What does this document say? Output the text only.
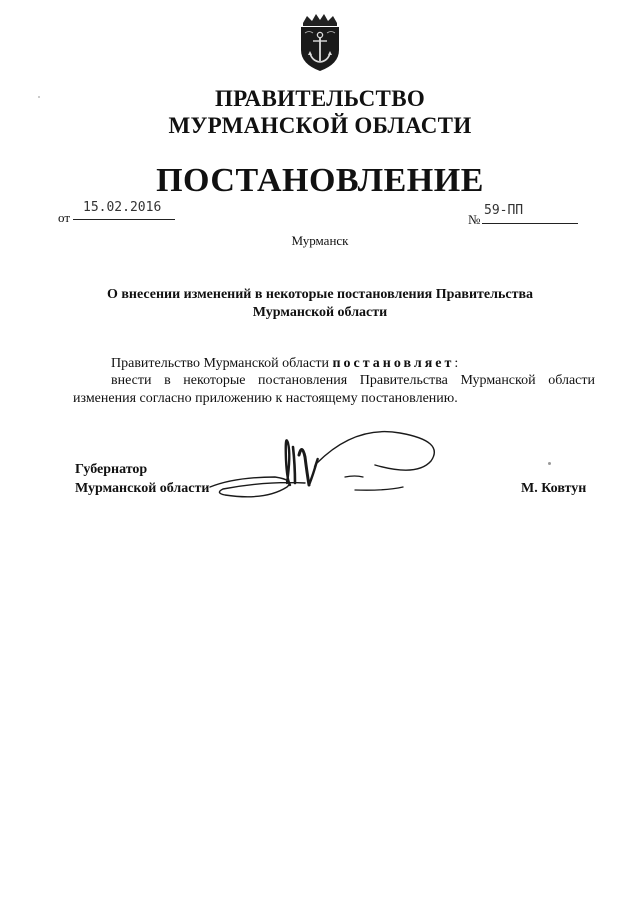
ПРАВИТЕЛЬСТВО
МУРМАНСКОЙ ОБЛАСТИ
ПОСТАНОВЛЕНИЕ
от
15.02.2016
№
59-ПП
Мурманск
О внесении изменений в некоторые постановления Правительства
Мурманской области
Правительство Мурманской области постановляет:
внести в некоторые постановления Правительства Мурманской области
изменения согласно приложению к настоящему постановлению.
Губернатор
Мурманской области	М. Ковтун
